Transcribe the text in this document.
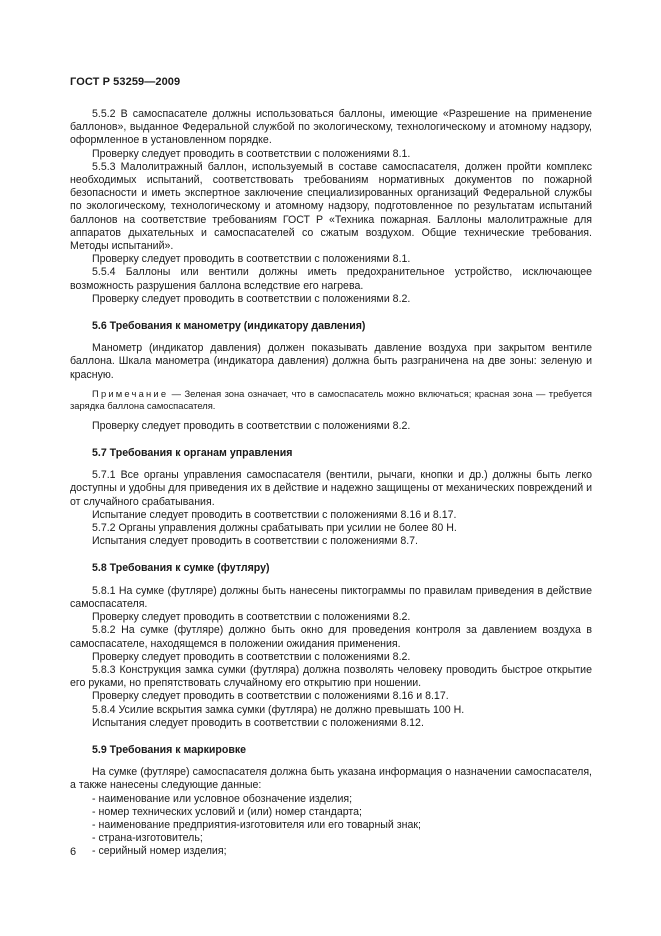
ГОСТ Р 53259—2009

5.5.2 В самоспасателе должны использоваться баллоны, имеющие «Разрешение на применение баллонов», выданное Федеральной службой по экологическому, технологическому и атомному надзору, оформленное в установленном порядке.

Проверку следует проводить в соответствии с положениями 8.1.

5.5.3 Малолитражный баллон, используемый в составе самоспасателя, должен пройти комплекс необходимых испытаний, соответствовать требованиям нормативных документов по пожарной безопасности и иметь экспертное заключение специализированных организаций Федеральной службы по экологическому, технологическому и атомному надзору, подготовленное по результатам испытаний баллонов на соответствие требованиям ГОСТ Р «Техника пожарная. Баллоны малолитражные для аппаратов дыхательных и самоспасателей со сжатым воздухом. Общие технические требования. Методы испытаний».

Проверку следует проводить в соответствии с положениями 8.1.

5.5.4 Баллоны или вентили должны иметь предохранительное устройство, исключающее возможность разрушения баллона вследствие его нагрева.

Проверку следует проводить в соответствии с положениями 8.2.

5.6 Требования к манометру (индикатору давления)

Манометр (индикатор давления) должен показывать давление воздуха при закрытом вентиле баллона. Шкала манометра (индикатора давления) должна быть разграничена на две зоны: зеленую и красную.

Примечание — Зеленая зона означает, что в самоспасатель можно включаться; красная зона — требуется зарядка баллона самоспасателя.

Проверку следует проводить в соответствии с положениями 8.2.

5.7 Требования к органам управления

5.7.1 Все органы управления самоспасателя (вентили, рычаги, кнопки и др.) должны быть легко доступны и удобны для приведения их в действие и надежно защищены от механических повреждений и от случайного срабатывания.

Испытание следует проводить в соответствии с положениями 8.16 и 8.17.

5.7.2 Органы управления должны срабатывать при усилии не более 80 Н.

Испытания следует проводить в соответствии с положениями 8.7.

5.8 Требования к сумке (футляру)

5.8.1 На сумке (футляре) должны быть нанесены пиктограммы по правилам приведения в действие самоспасателя.

Проверку следует проводить в соответствии с положениями 8.2.

5.8.2 На сумке (футляре) должно быть окно для проведения контроля за давлением воздуха в самоспасателе, находящемся в положении ожидания применения.

Проверку следует проводить в соответствии с положениями 8.2.

5.8.3 Конструкция замка сумки (футляра) должна позволять человеку проводить быстрое открытие его руками, но препятствовать случайному его открытию при ношении.

Проверку следует проводить в соответствии с положениями 8.16 и 8.17.

5.8.4 Усилие вскрытия замка сумки (футляра) не должно превышать 100 Н.

Испытания следует проводить в соответствии с положениями 8.12.

5.9 Требования к маркировке

На сумке (футляре) самоспасателя должна быть указана информация о назначении самоспасателя, а также нанесены следующие данные:

- наименование или условное обозначение изделия;

- номер технических условий и (или) номер стандарта;

- наименование предприятия-изготовителя или его товарный знак;

- страна-изготовитель;

- серийный номер изделия;

6
